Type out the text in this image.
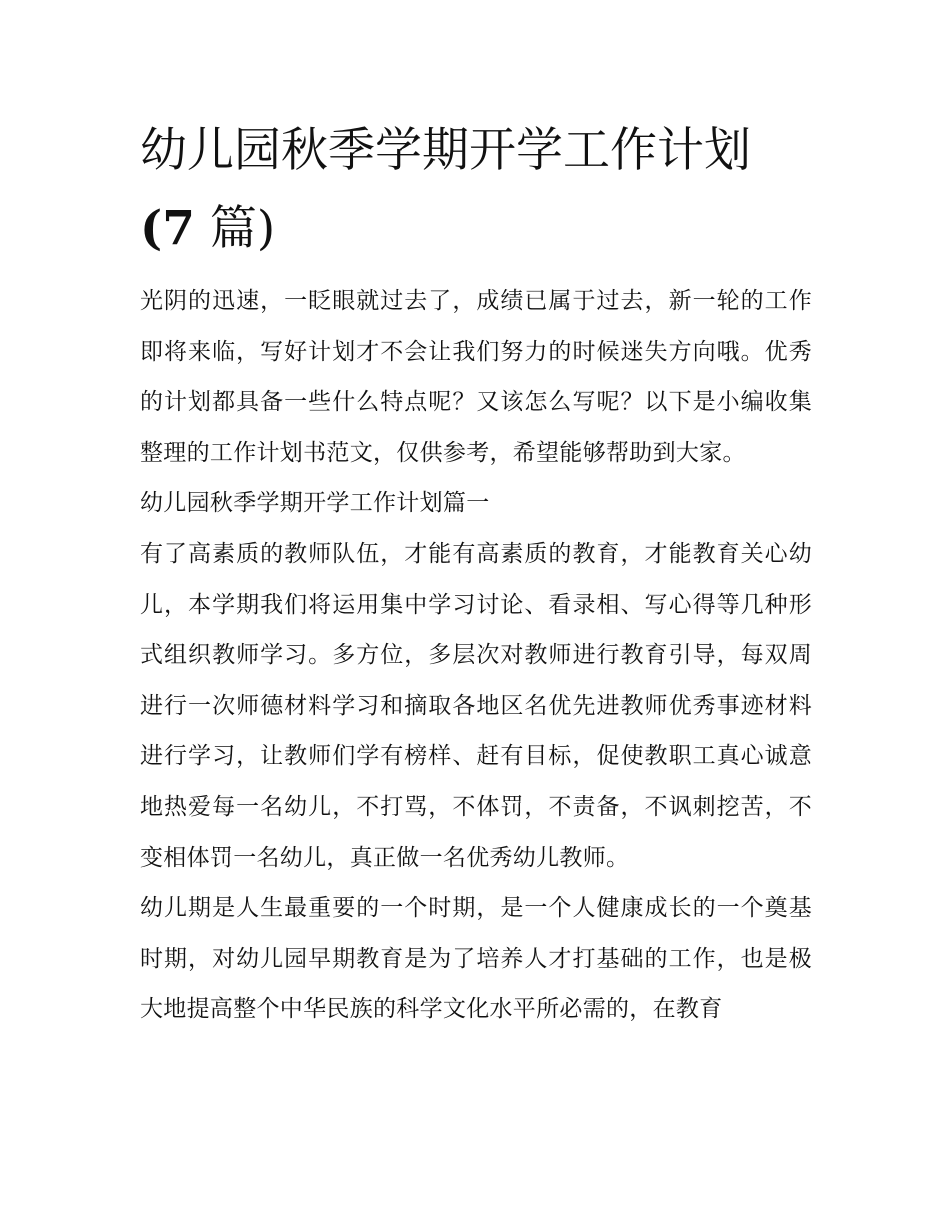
幼儿园秋季学期开学工作计划
(7 篇)

光阴的迅速，一眨眼就过去了，成绩已属于过去，新一轮的工作即将来临，写好计划才不会让我们努力的时候迷失方向哦。优秀的计划都具备一些什么特点呢？又该怎么写呢？以下是小编收集整理的工作计划书范文，仅供参考，希望能够帮助到大家。

幼儿园秋季学期开学工作计划篇一

有了高素质的教师队伍，才能有高素质的教育，才能教育关心幼儿，本学期我们将运用集中学习讨论、看录相、写心得等几种形式组织教师学习。多方位，多层次对教师进行教育引导，每双周进行一次师德材料学习和摘取各地区名优先进教师优秀事迹材料进行学习，让教师们学有榜样、赶有目标，促使教职工真心诚意地热爱每一名幼儿，不打骂，不体罚，不责备，不讽刺挖苦，不变相体罚一名幼儿，真正做一名优秀幼儿教师。

幼儿期是人生最重要的一个时期，是一个人健康成长的一个奠基时期，对幼儿园早期教育是为了培养人才打基础的工作，也是极大地提高整个中华民族的科学文化水平所必需的，在教育
